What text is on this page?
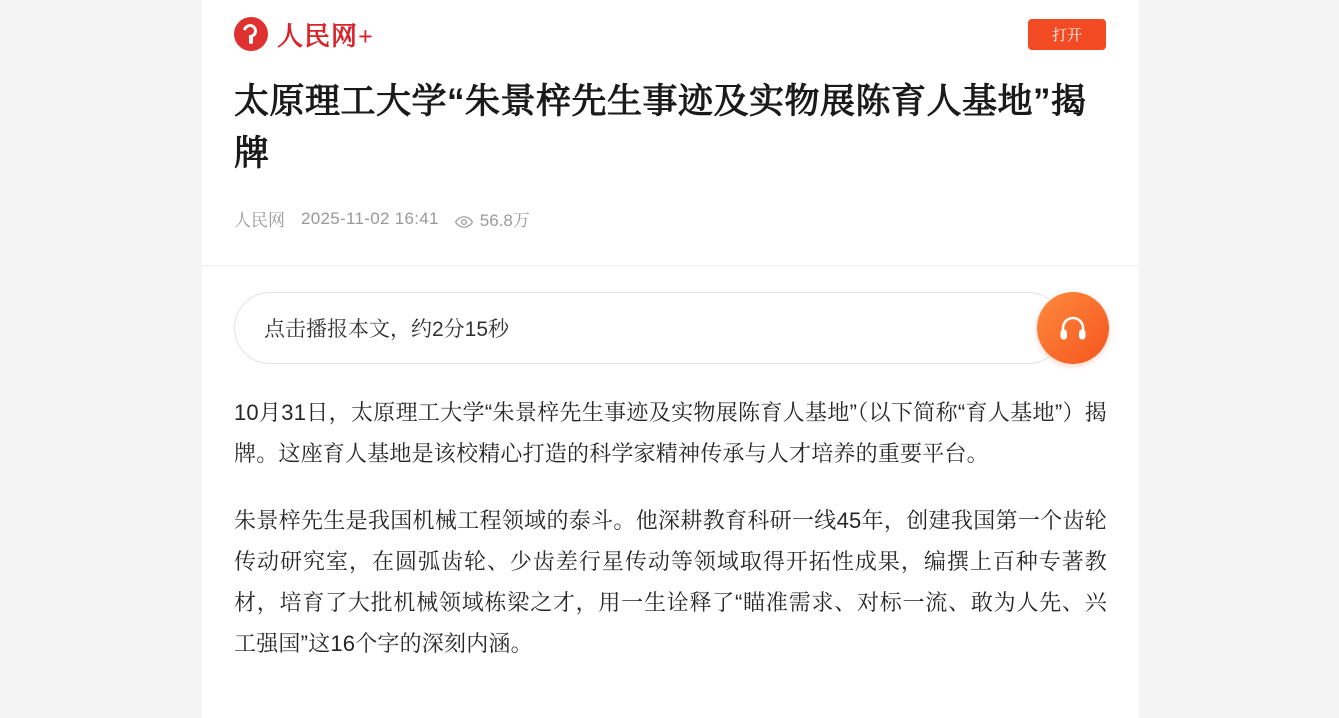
人民网+	打开
太原理工大学“朱景梓先生事迹及实物展陈育人基地”揭牌
人民网 2025-11-02 16:41 56.8万
点击播报本文，约2分15秒

10月31日，太原理工大学“朱景梓先生事迹及实物展陈育人基地”（以下简称“育人基地”）揭牌。这座育人基地是该校精心打造的科学家精神传承与人才培养的重要平台。

朱景梓先生是我国机械工程领域的泰斗。他深耕教育科研一线45年，创建我国第一个齿轮传动研究室，在圆弧齿轮、少齿差行星传动等领域取得开拓性成果，编撰上百种专著教材，培育了大批机械领域栋梁之才，用一生诠释了“瞄准需求、对标一流、敢为人先、兴工强国”这16个字的深刻内涵。
